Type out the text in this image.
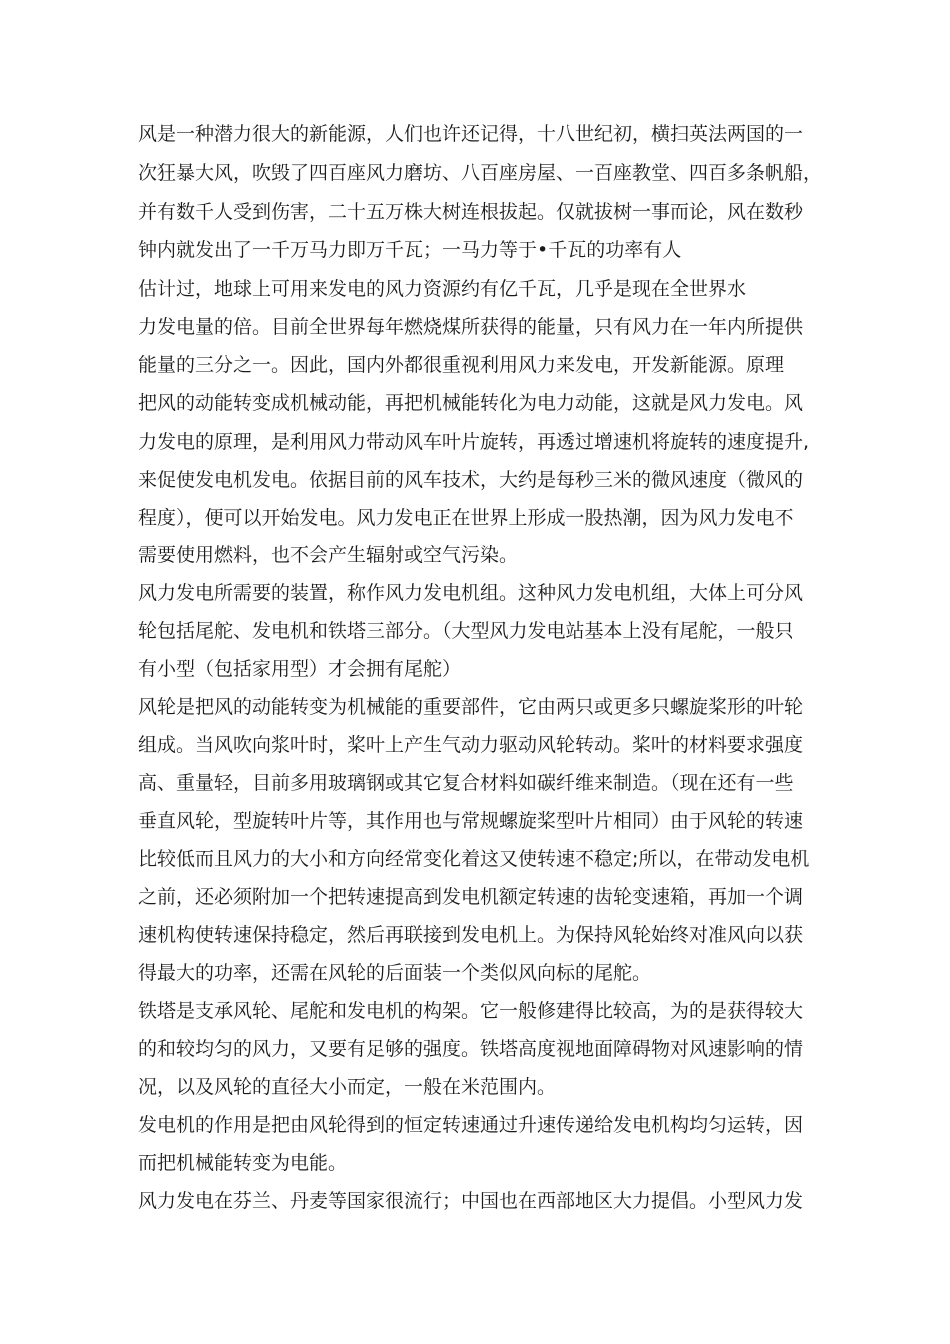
风是一种潜力很大的新能源，人们也许还记得，十八世纪初，横扫英法两国的一
次狂暴大风，吹毁了四百座风力磨坊、八百座房屋、一百座教堂、四百多条帆船，
并有数千人受到伤害，二十五万株大树连根拔起。仅就拔树一事而论，风在数秒
钟内就发出了一千万马力即万千瓦；一马力等于•千瓦的功率有人
估计过，地球上可用来发电的风力资源约有亿千瓦，几乎是现在全世界水
力发电量的倍。目前全世界每年燃烧煤所获得的能量，只有风力在一年内所提供
能量的三分之一。因此，国内外都很重视利用风力来发电，开发新能源。原理
把风的动能转变成机械动能，再把机械能转化为电力动能，这就是风力发电。风
力发电的原理，是利用风力带动风车叶片旋转，再透过增速机将旋转的速度提升,
来促使发电机发电。依据目前的风车技术，大约是每秒三米的微风速度（微风的
程度），便可以开始发电。风力发电正在世界上形成一股热潮，因为风力发电不
需要使用燃料，也不会产生辐射或空气污染。
风力发电所需要的装置，称作风力发电机组。这种风力发电机组，大体上可分风
轮包括尾舵、发电机和铁塔三部分。（大型风力发电站基本上没有尾舵，一般只
有小型（包括家用型）才会拥有尾舵）
风轮是把风的动能转变为机械能的重要部件，它由两只或更多只螺旋桨形的叶轮
组成。当风吹向浆叶时，桨叶上产生气动力驱动风轮转动。桨叶的材料要求强度
高、重量轻，目前多用玻璃钢或其它复合材料如碳纤维来制造。（现在还有一些
垂直风轮，型旋转叶片等，其作用也与常规螺旋桨型叶片相同）由于风轮的转速
比较低而且风力的大小和方向经常变化着这又使转速不稳定;所以，在带动发电机
之前，还必须附加一个把转速提高到发电机额定转速的齿轮变速箱，再加一个调
速机构使转速保持稳定，然后再联接到发电机上。为保持风轮始终对准风向以获
得最大的功率，还需在风轮的后面装一个类似风向标的尾舵。
铁塔是支承风轮、尾舵和发电机的构架。它一般修建得比较高，为的是获得较大
的和较均匀的风力，又要有足够的强度。铁塔高度视地面障碍物对风速影响的情
况，以及风轮的直径大小而定，一般在米范围内。
发电机的作用是把由风轮得到的恒定转速通过升速传递给发电机构均匀运转，因
而把机械能转变为电能。
风力发电在芬兰、丹麦等国家很流行；中国也在西部地区大力提倡。小型风力发
